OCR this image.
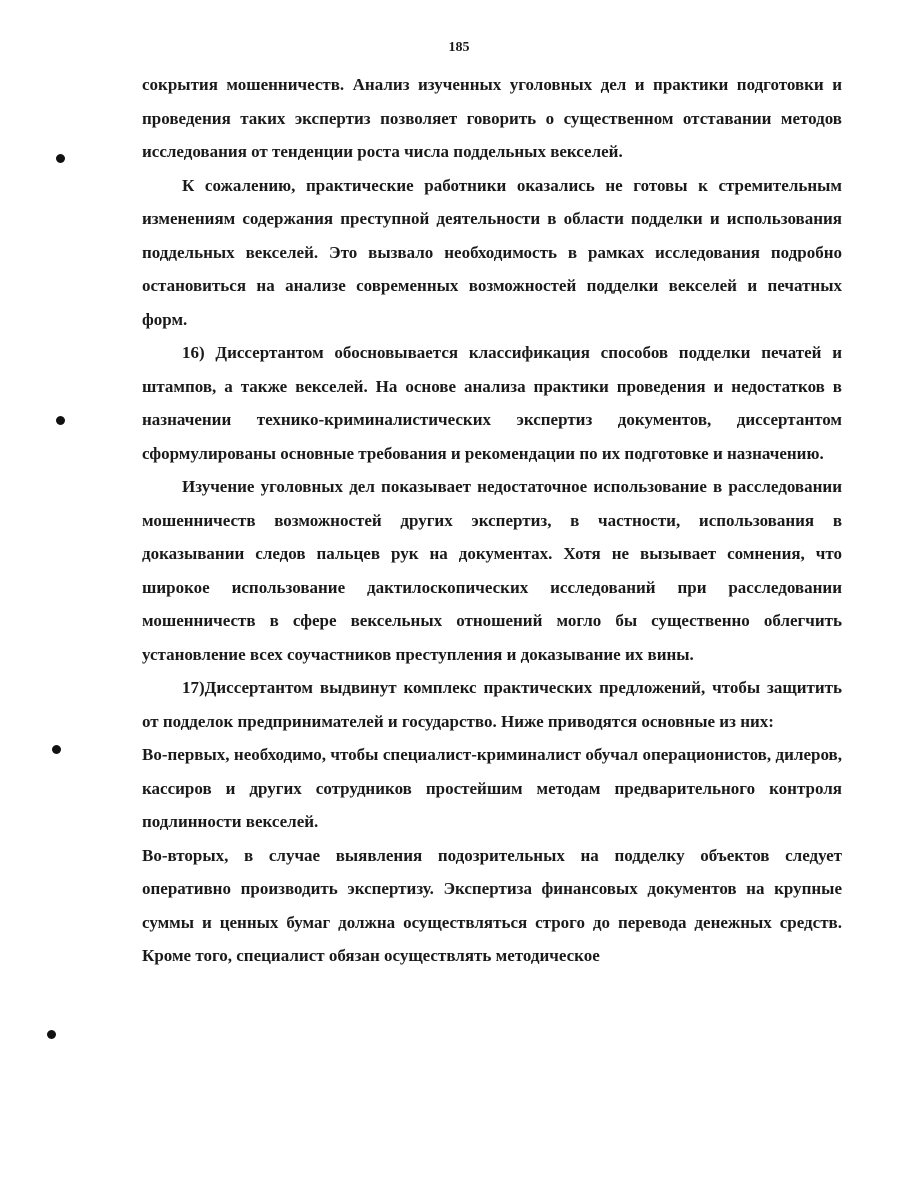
185

сокрытия мошенничеств. Анализ изученных уголовных дел и практики подготовки и проведения таких экспертиз позволяет говорить о существенном отставании методов исследования от тенденции роста числа поддельных векселей.

К сожалению, практические работники оказались не готовы к стремительным изменениям содержания преступной деятельности в области подделки и использования поддельных векселей. Это вызвало необходимость в рамках исследования подробно остановиться на анализе современных возможностей подделки векселей и печатных форм.

16) Диссертантом обосновывается классификация способов подделки печатей и штампов, а также векселей. На основе анализа практики проведения и недостатков в назначении технико-криминалистических экспертиз документов, диссертантом сформулированы основные требования и рекомендации по их подготовке и назначению.

Изучение уголовных дел показывает недостаточное использование в расследовании мошенничеств возможностей других экспертиз, в частности, использования в доказывании следов пальцев рук на документах. Хотя не вызывает сомнения, что широкое использование дактилоскопических исследований при расследовании мошенничеств в сфере вексельных отношений могло бы существенно облегчить установление всех соучастников преступления и доказывание их вины.

17)Диссертантом выдвинут комплекс практических предложений, чтобы защитить от подделок предпринимателей и государство. Ниже приводятся основные из них:

Во-первых, необходимо, чтобы специалист-криминалист обучал операционистов, дилеров, кассиров и других сотрудников простейшим методам предварительного контроля подлинности векселей.

Во-вторых, в случае выявления подозрительных на подделку объектов следует оперативно производить экспертизу. Экспертиза финансовых документов на крупные суммы и ценных бумаг должна осуществляться строго до перевода денежных средств. Кроме того, специалист обязан осуществлять методическое
